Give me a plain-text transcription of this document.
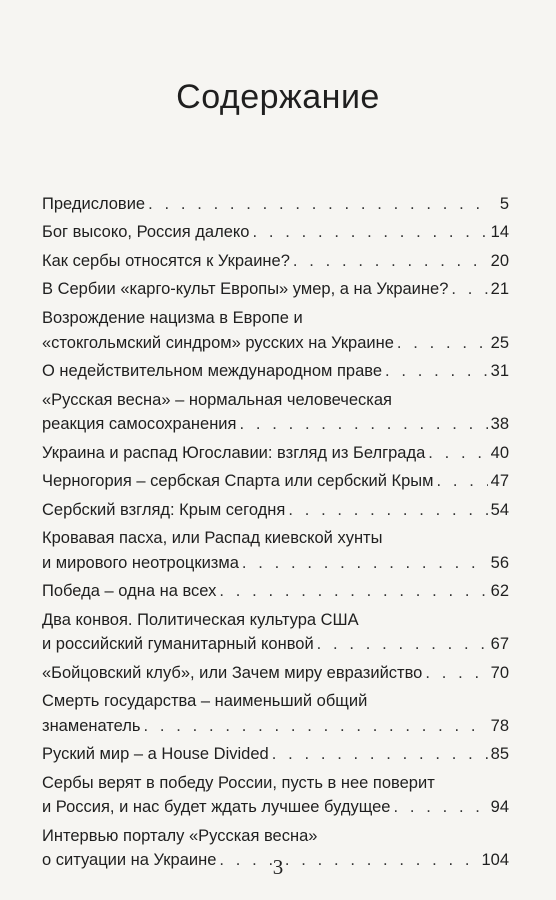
Содержание
Предисловие . . .	5
Бог высоко, Россия далеко . . .	14
Как сербы относятся к Украине? . . .	20
В Сербии «карго-культ Европы» умер, а на Украине? . . .	21
Возрождение нацизма в Европе и
«стокгольмский синдром» русских на Украине . . .	25
О недействительном международном праве . . .	31
«Русская весна» – нормальная человеческая
реакция самосохранения . . .	38
Украина и распад Югославии: взгляд из Белграда . . .	40
Черногория – сербская Спарта или сербский Крым . . .	47
Сербский взгляд: Крым сегодня . . .	54
Кровавая пасха, или Распад киевской хунты
и мирового неотроцкизма . . .	56
Победа – одна на всех . . .	62
Два конвоя. Политическая культура США
и российский гуманитарный конвой . . .	67
«Бойцовский клуб», или Зачем миру евразийство . . .	70
Смерть государства – наименьший общий
знаменатель . . .	78
Руский мир – a House Divided . . .	85
Сербы верят в победу России, пусть в нее поверит
и Россия, и нас будет ждать лучшее будущее . . .	94
Интервью порталу «Русская весна»
о ситуации на Украине . . .	104
3
